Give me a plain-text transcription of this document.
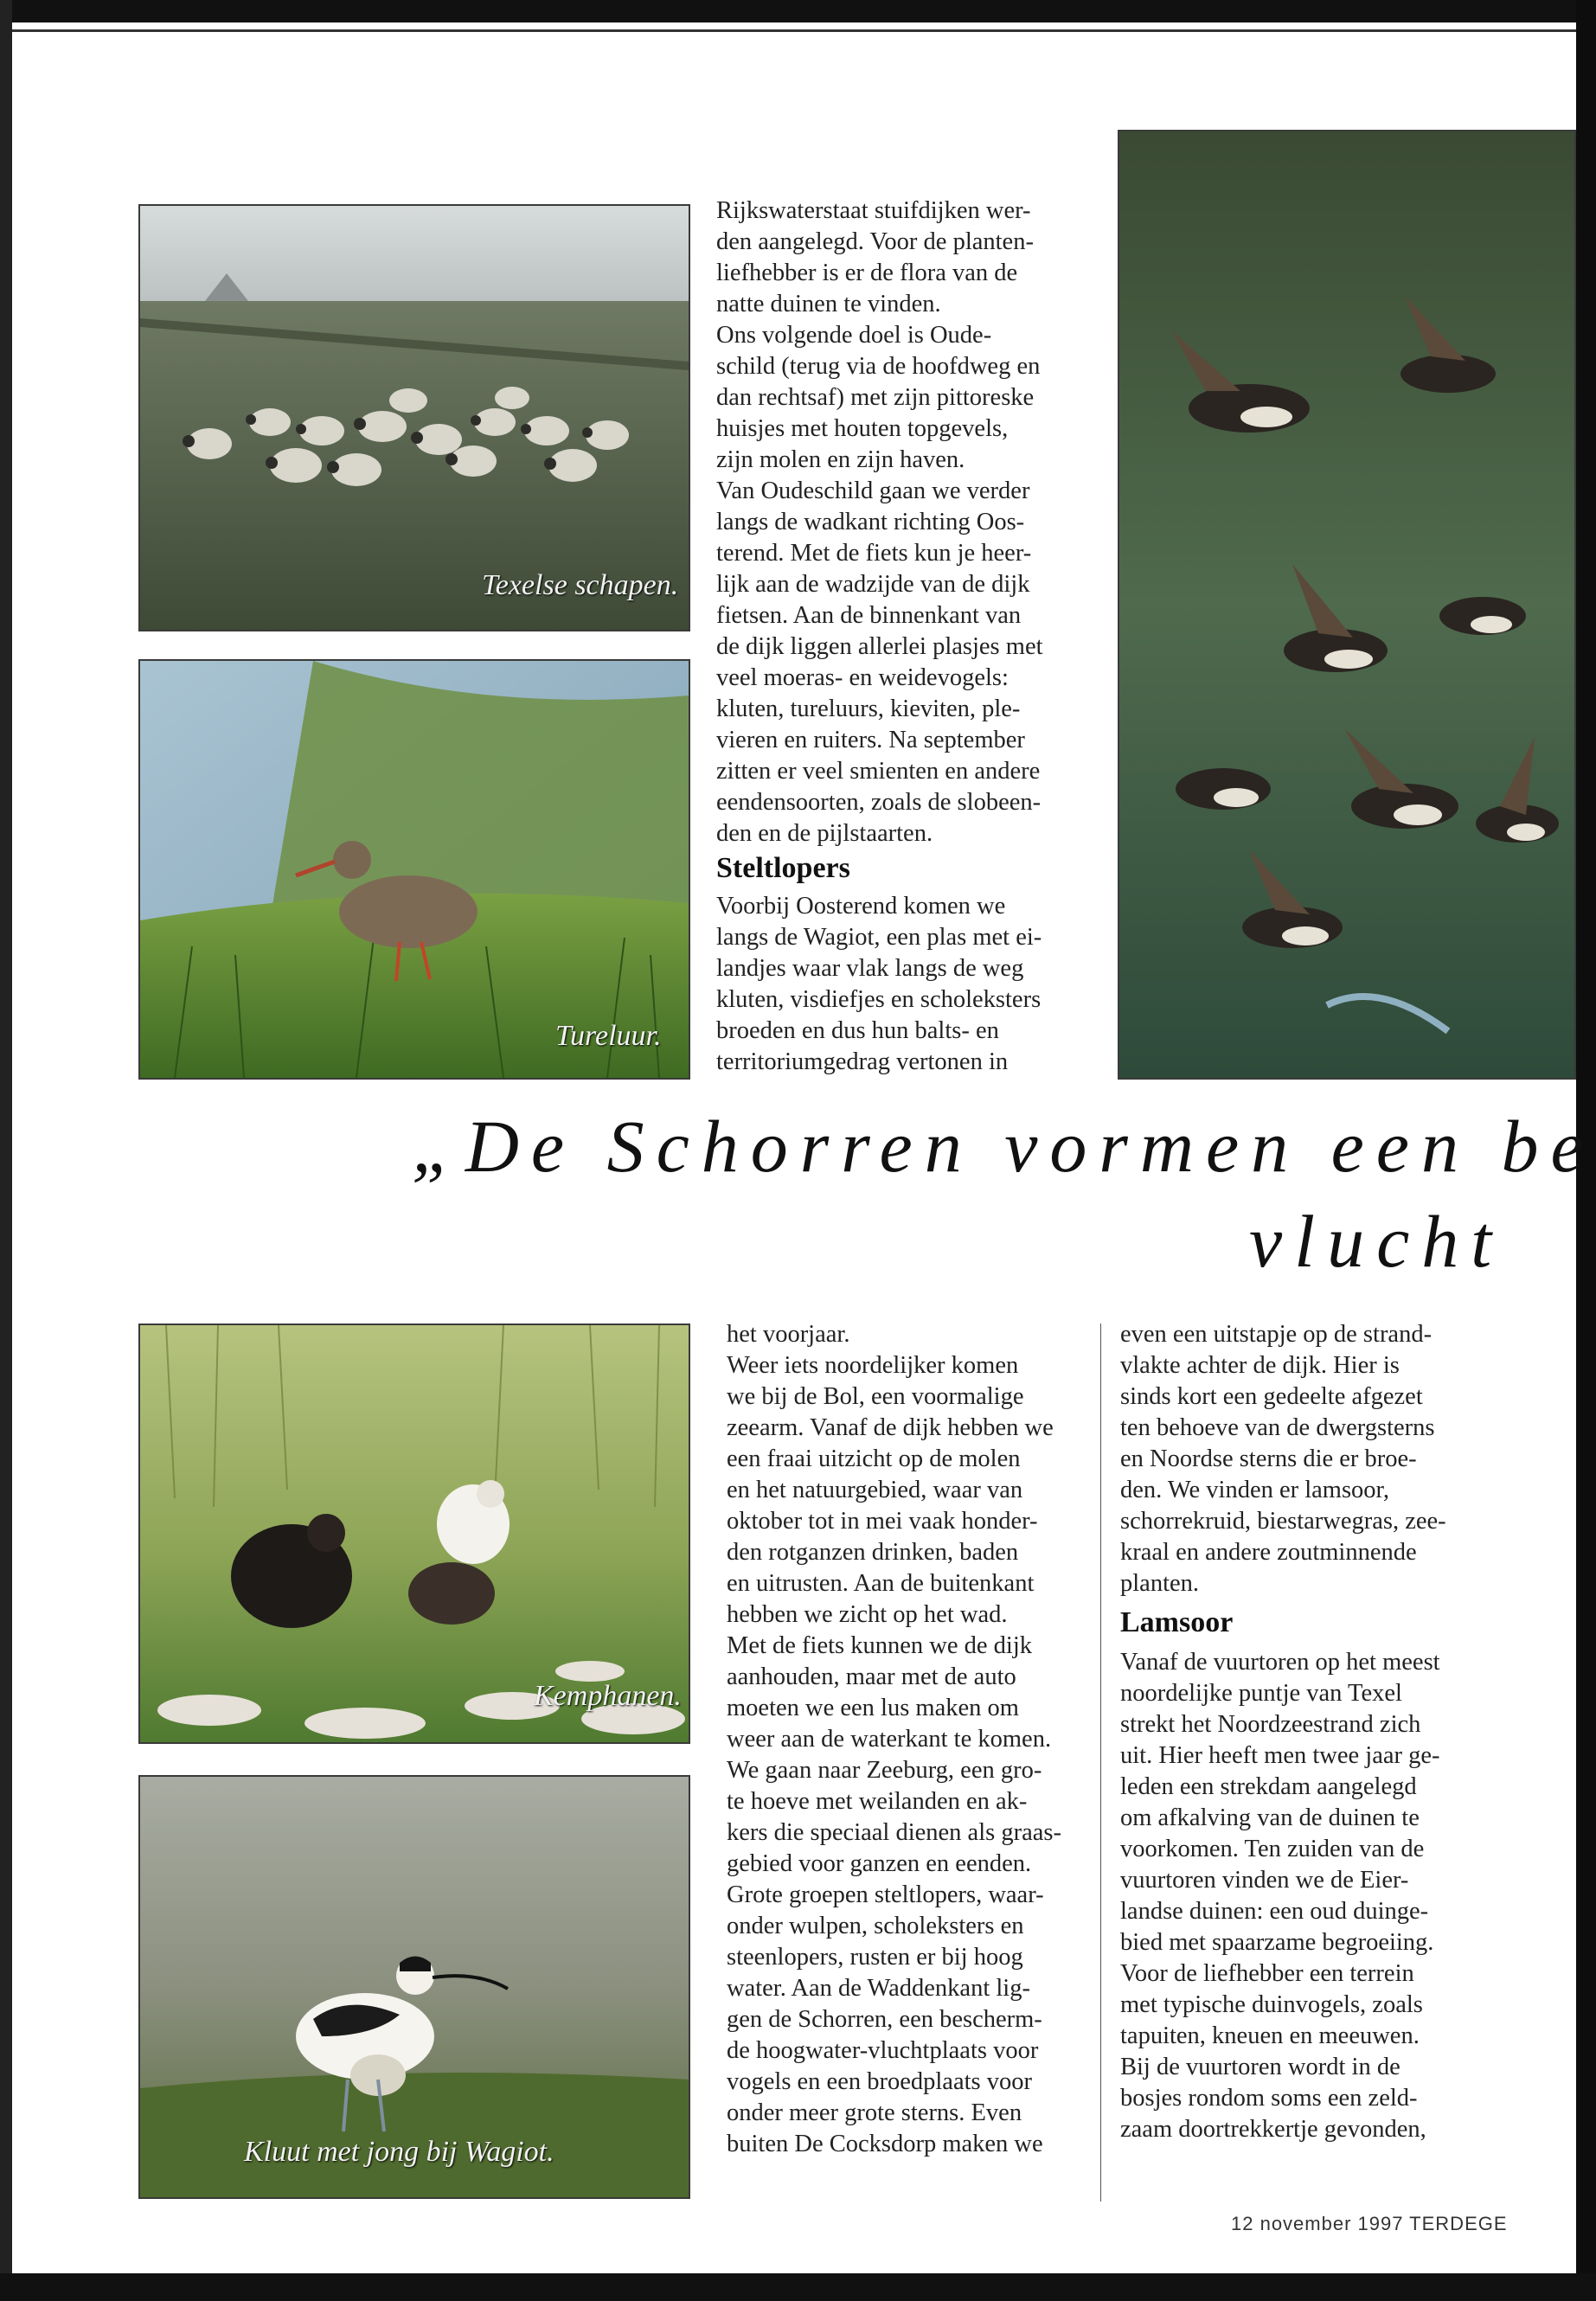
Texelse schapen.
Tureluur.
Rijkswaterstaat stuifdijken wer-
den aangelegd. Voor de planten-
liefhebber is er de flora van de
natte duinen te vinden.
Ons volgende doel is Oude-
schild (terug via de hoofdweg en
dan rechtsaf) met zijn pittoreske
huisjes met houten topgevels,
zijn molen en zijn haven.
Van Oudeschild gaan we verder
langs de wadkant richting Oos-
terend. Met de fiets kun je heer-
lijk aan de wadzijde van de dijk
fietsen. Aan de binnenkant van
de dijk liggen allerlei plasjes met
veel moeras- en weidevogels:
kluten, tureluurs, kieviten, ple-
vieren en ruiters. Na september
zitten er veel smienten en andere
eendensoorten, zoals de slobeen-
den en de pijlstaarten.
Steltlopers
Voorbij Oosterend komen we
langs de Wagiot, een plas met ei-
landjes waar vlak langs de weg
kluten, visdiefjes en scholeksters
broeden en dus hun balts- en
territoriumgedrag vertonen in
„De Schorren vormen een be
vlucht
Kemphanen.
Kluut met jong bij Wagiot.
het voorjaar.
Weer iets noordelijker komen
we bij de Bol, een voormalige
zeearm. Vanaf de dijk hebben we
een fraai uitzicht op de molen
en het natuurgebied, waar van
oktober tot in mei vaak honder-
den rotganzen drinken, baden
en uitrusten. Aan de buitenkant
hebben we zicht op het wad.
Met de fiets kunnen we de dijk
aanhouden, maar met de auto
moeten we een lus maken om
weer aan de waterkant te komen.
We gaan naar Zeeburg, een gro-
te hoeve met weilanden en ak-
kers die speciaal dienen als graas-
gebied voor ganzen en eenden.
Grote groepen steltlopers, waar-
onder wulpen, scholeksters en
steenlopers, rusten er bij hoog
water. Aan de Waddenkant lig-
gen de Schorren, een bescherm-
de hoogwater-vluchtplaats voor
vogels en een broedplaats voor
onder meer grote sterns. Even
buiten De Cocksdorp maken we
even een uitstapje op de strand-
vlakte achter de dijk. Hier is
sinds kort een gedeelte afgezet
ten behoeve van de dwergsterns
en Noordse sterns die er broe-
den. We vinden er lamsoor,
schorrekruid, biestarwegras, zee-
kraal en andere zoutminnende
planten.
Lamsoor
Vanaf de vuurtoren op het meest
noordelijke puntje van Texel
strekt het Noordzeestrand zich
uit. Hier heeft men twee jaar ge-
leden een strekdam aangelegd
om afkalving van de duinen te
voorkomen. Ten zuiden van de
vuurtoren vinden we de Eier-
landse duinen: een oud duinge-
bied met spaarzame begroeiing.
Voor de liefhebber een terrein
met typische duinvogels, zoals
tapuiten, kneuen en meeuwen.
Bij de vuurtoren wordt in de
bosjes rondom soms een zeld-
zaam doortrekkertje gevonden,
12 november 1997 TERDEGE
